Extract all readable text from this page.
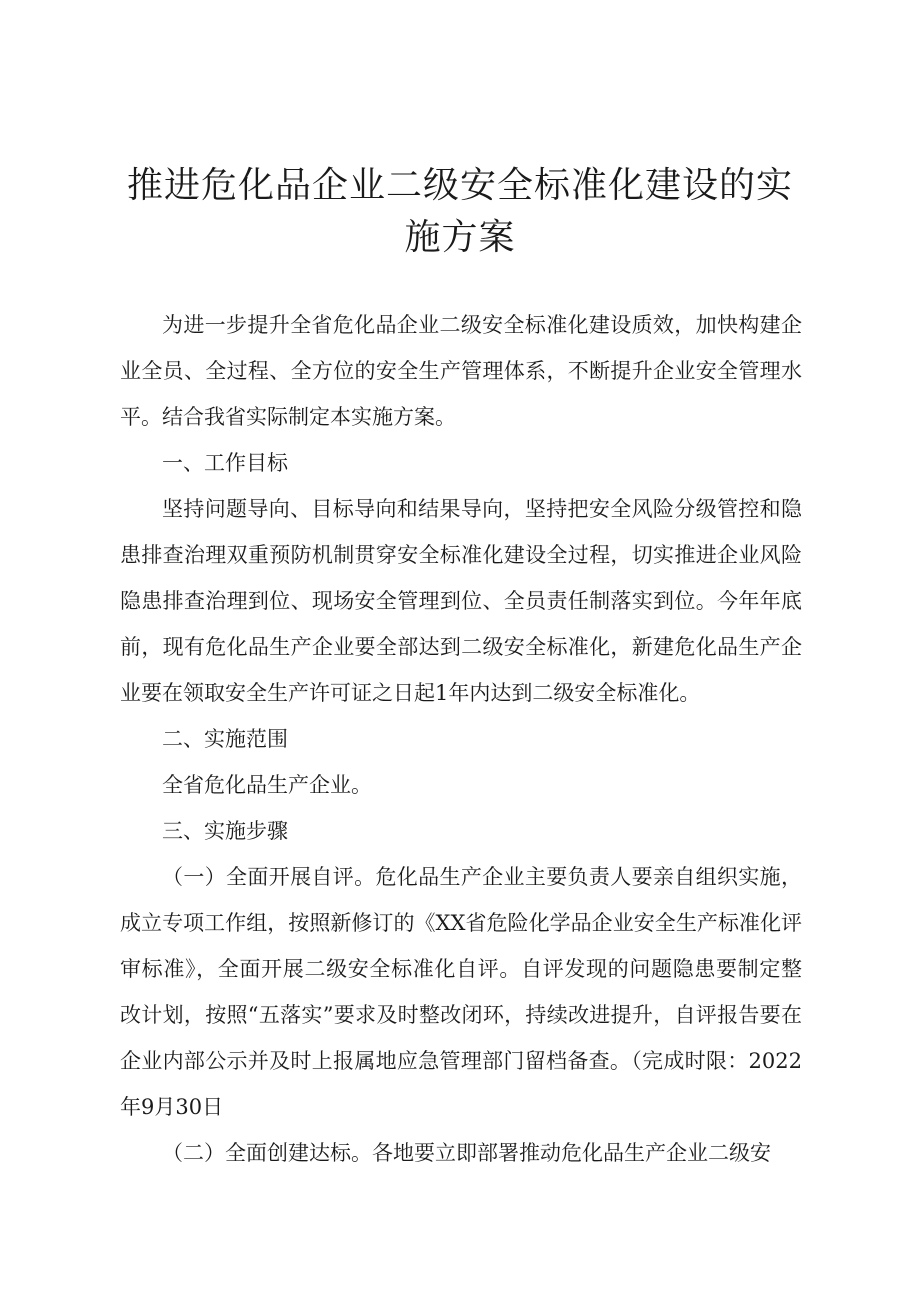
推进危化品企业二级安全标准化建设的实施方案

为进一步提升全省危化品企业二级安全标准化建设质效，加快构建企业全员、全过程、全方位的安全生产管理体系，不断提升企业安全管理水平。结合我省实际制定本实施方案。

一、工作目标

坚持问题导向、目标导向和结果导向，坚持把安全风险分级管控和隐患排查治理双重预防机制贯穿安全标准化建设全过程，切实推进企业风险隐患排查治理到位、现场安全管理到位、全员责任制落实到位。今年年底前，现有危化品生产企业要全部达到二级安全标准化，新建危化品生产企业要在领取安全生产许可证之日起1年内达到二级安全标准化。

二、实施范围

全省危化品生产企业。

三、实施步骤

（一）全面开展自评。危化品生产企业主要负责人要亲自组织实施，成立专项工作组，按照新修订的《XX省危险化学品企业安全生产标准化评审标准》，全面开展二级安全标准化自评。自评发现的问题隐患要制定整改计划，按照“五落实”要求及时整改闭环，持续改进提升，自评报告要在企业内部公示并及时上报属地应急管理部门留档备查。（完成时限：2022年9月30日

（二）全面创建达标。各地要立即部署推动危化品生产企业二级安
